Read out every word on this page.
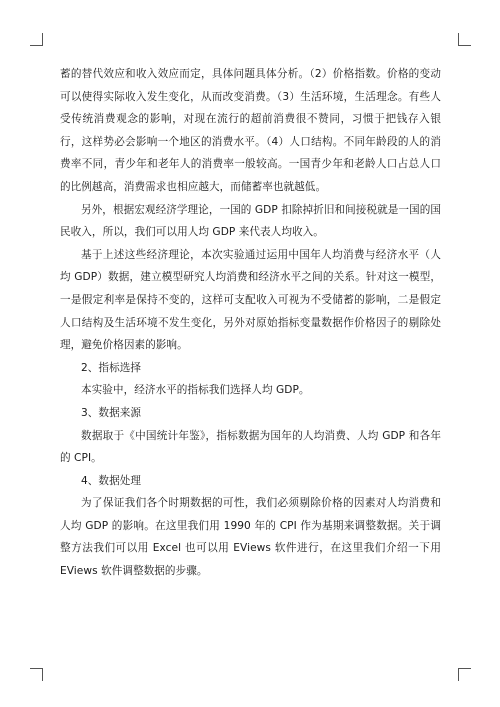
蓄的替代效应和收入效应而定，具体问题具体分析。（2）价格指数。价格的变动可以使得实际收入发生变化，从而改变消费。（3）生活环境，生活理念。有些人受传统消费观念的影响，对现在流行的超前消费很不赞同，习惯于把钱存入银行，这样势必会影响一个地区的消费水平。（4）人口结构。不同年龄段的人的消费率不同，青少年和老年人的消费率一般较高。一国青少年和老龄人口占总人口的比例越高，消费需求也相应越大，而储蓄率也就越低。

另外，根据宏观经济学理论，一国的 GDP 扣除掉折旧和间接税就是一国的国民收入，所以，我们可以用人均 GDP 来代表人均收入。

基于上述这些经济理论，本次实验通过运用中国年人均消费与经济水平（人均 GDP）数据，建立模型研究人均消费和经济水平之间的关系。针对这一模型，一是假定利率是保持不变的，这样可支配收入可视为不受储蓄的影响，二是假定人口结构及生活环境不发生变化，另外对原始指标变量数据作价格因子的剔除处理，避免价格因素的影响。

2、指标选择

本实验中，经济水平的指标我们选择人均 GDP。

3、数据来源

数据取于《中国统计年鉴》，指标数据为国年的人均消费、人均 GDP 和各年的 CPI。

4、数据处理

为了保证我们各个时期数据的可性，我们必须剔除价格的因素对人均消费和人均 GDP 的影响。在这里我们用 1990 年的 CPI 作为基期来调整数据。关于调整方法我们可以用 Excel 也可以用 EViews 软件进行，在这里我们介绍一下用 EViews 软件调整数据的步骤。
